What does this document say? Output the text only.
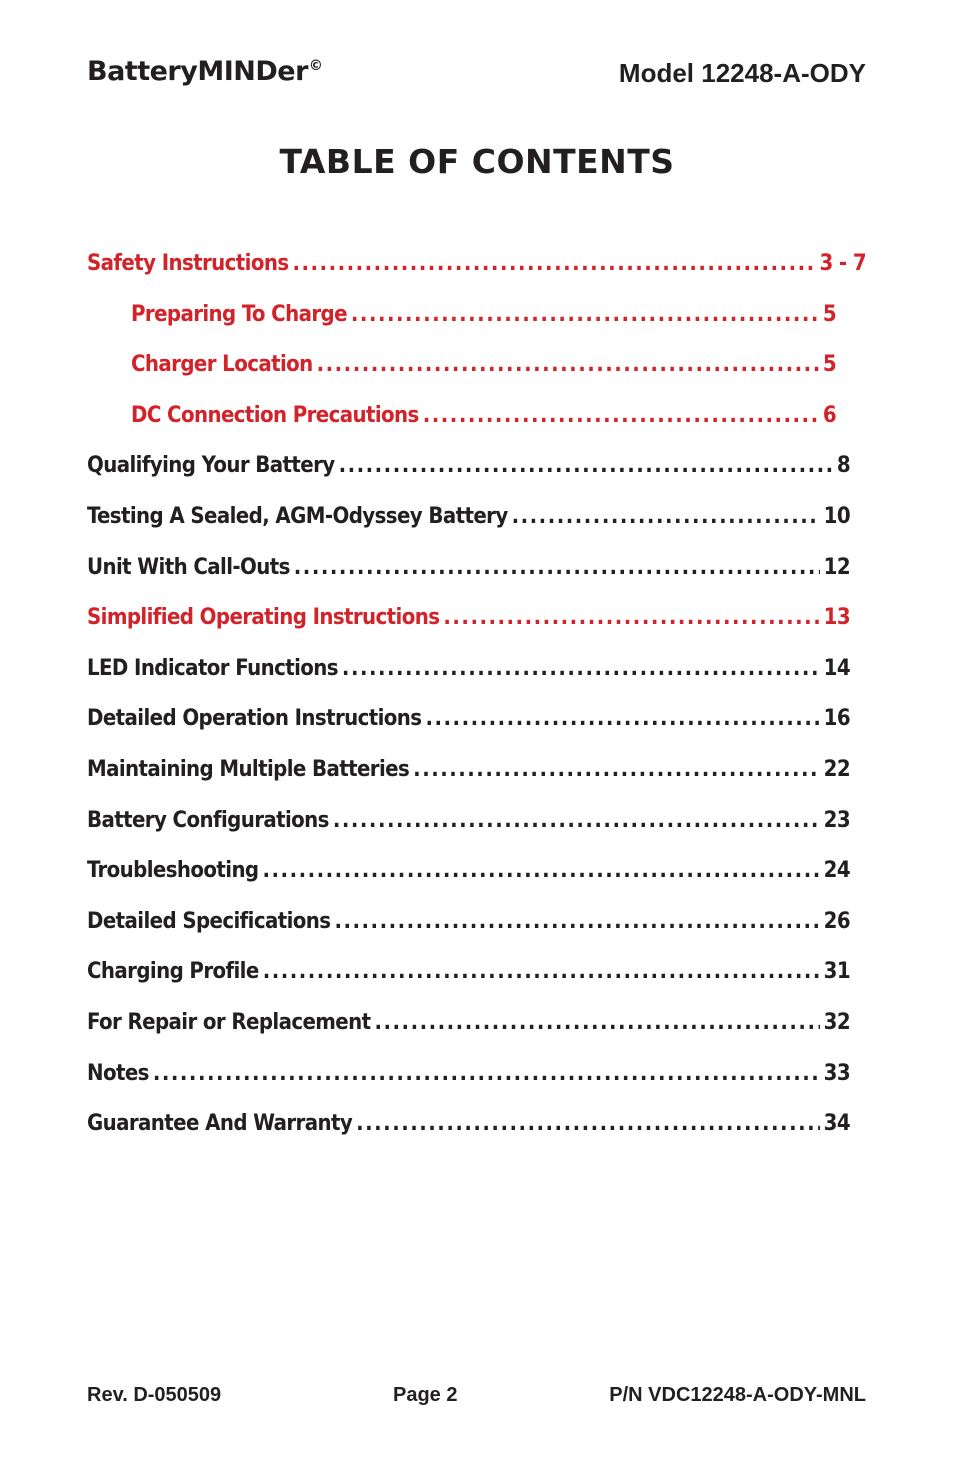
BatteryMINDer©	Model 12248-A-ODY
TABLE OF CONTENTS
Safety Instructions .....	3 - 7
Preparing To Charge .....	5
Charger Location .....	5
DC Connection Precautions .....	6
Qualifying Your Battery .....	8
Testing A Sealed, AGM-Odyssey Battery .....	10
Unit With Call-Outs .....	12
Simplified Operating Instructions .....	13
LED Indicator Functions .....	14
Detailed Operation Instructions .....	16
Maintaining Multiple Batteries .....	22
Battery Configurations .....	23
Troubleshooting .....	24
Detailed Specifications .....	26
Charging Profile .....	31
For Repair or Replacement .....	32
Notes .....	33
Guarantee And Warranty .....	34
Rev. D-050509	Page 2	P/N VDC12248-A-ODY-MNL
